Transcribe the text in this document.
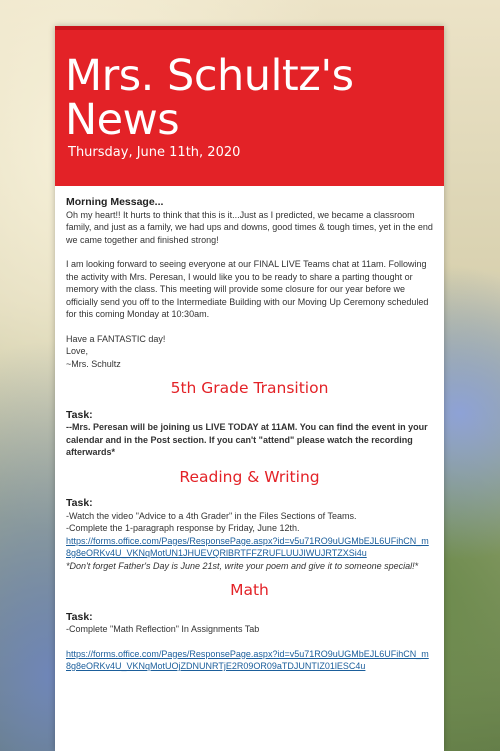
Mrs. Schultz's
News
Thursday, June 11th, 2020

Morning Message...

Oh my heart!! It hurts to think that this is it...Just as I predicted, we became a classroom family, and just as a family, we had ups and downs, good times & tough times, yet in the end we came together and finished strong!

I am looking forward to seeing everyone at our FINAL LIVE Teams chat at 11am. Following the activity with Mrs. Peresan, I would like you to be ready to share a parting thought or memory with the class. This meeting will provide some closure for our year before we officially send you off to the Intermediate Building with our Moving Up Ceremony scheduled for this coming Monday at 10:30am.

Have a FANTASTIC day!

Love,

~Mrs. Schultz

5th Grade Transition

Task:

--Mrs. Peresan will be joining us LIVE TODAY at 11AM. You can find the event in your calendar and in the Post section. If you can't "attend" please watch the recording afterwards*

Reading & Writing

Task:

-Watch the video "Advice to a 4th Grader" in the Files Sections of Teams.

-Complete the 1-paragraph response by Friday, June 12th.

https://forms.office.com/Pages/ResponsePage.aspx?id=v5u71RO9uUGMbEJL6UFihCN_m8g8eORKv4U_VKNqMotUN1JHUEVQRlBRTFFZRUFLUUJIWUJRTZXSi4u

*Don't forget Father's Day is June 21st, write your poem and give it to someone special!*

Math

Task:

-Complete "Math Reflection" In Assignments Tab

https://forms.office.com/Pages/ResponsePage.aspx?id=v5u71RO9uUGMbEJL6UFihCN_m8g8eORKv4U_VKNqMotUOjZDNUNRTjE2R09OR09aTDJUNTIZ01lESC4u
